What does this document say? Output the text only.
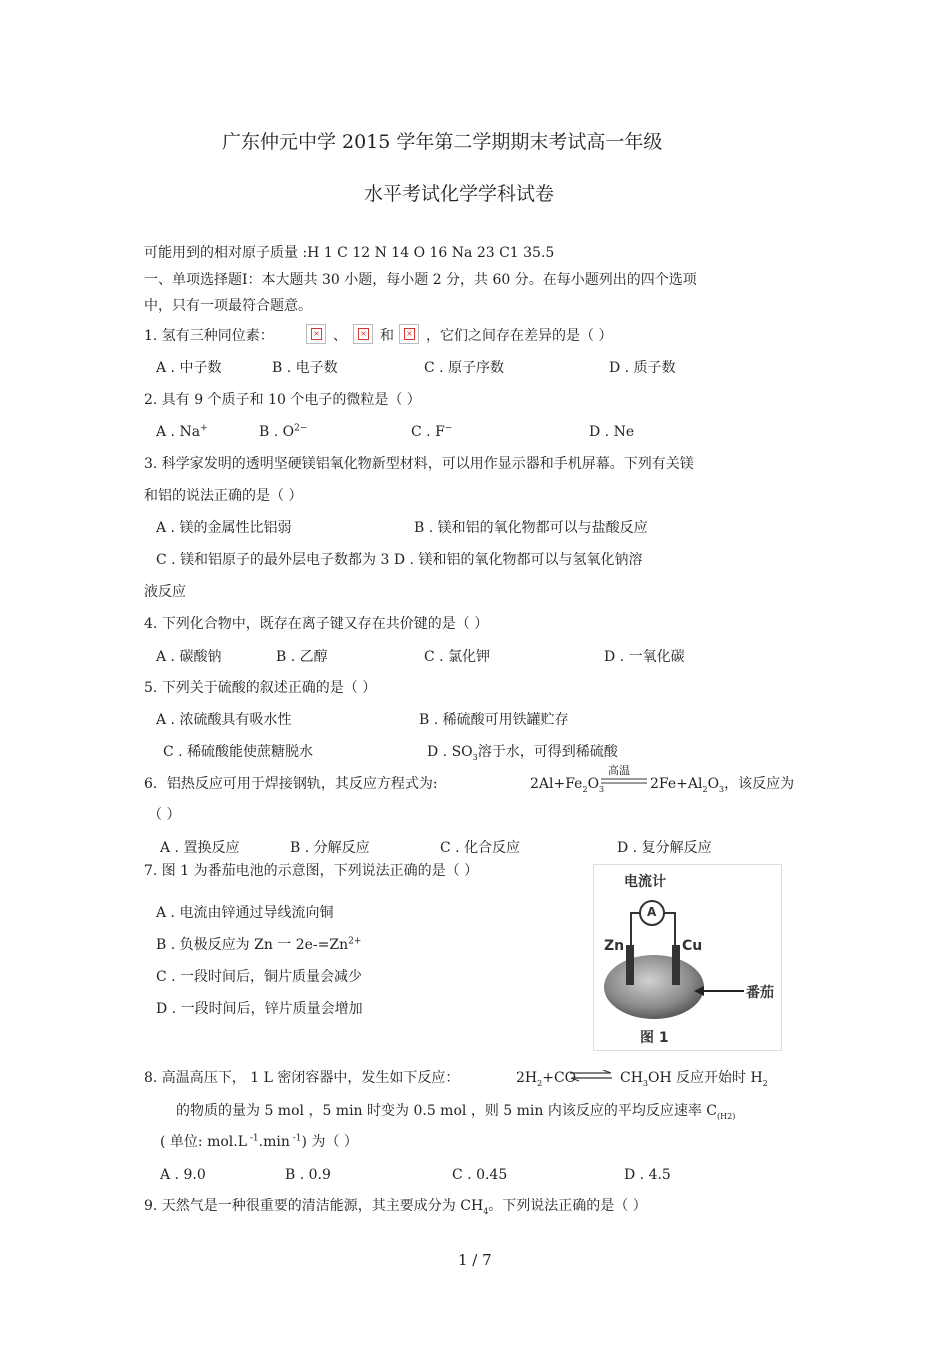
广东仲元中学 2015 学年第二学期期末考试高一年级
水平考试化学学科试卷
可能用到的相对原子质量 :H 1 C 12 N 14 O 16 Na 23 C1 35.5
一、单项选择题Ⅰ：本大题共 30 小题，每小题 2 分，共 60 分。在每小题列出的四个选项
中，只有一项最符合题意。
1. 氢有三种同位素：	× 、 × 和 × ，它们之间存在差异的是（ ）
A . 中子数	B . 电子数	C . 原子序数	D . 质子数
2. 具有 9 个质子和 10 个电子的微粒是（ ）
A . Na+	B . $O^{2-}$	C . F−	D . Ne
3. 科学家发明的透明坚硬镁铝氧化物新型材料，可以用作显示器和手机屏幕。下列有关镁
和铝的说法正确的是（ ）
A . 镁的金属性比铝弱	B . 镁和铝的氧化物都可以与盐酸反应
C . 镁和铝原子的最外层电子数都为 3 D . 镁和铝的氧化物都可以与氢氧化钠溶
液反应
4. 下列化合物中，既存在离子键又存在共价键的是（ ）
A . 碳酸钠	B . 乙醇	C . 氯化钾	D . 一氧化碳
5. 下列关于硫酸的叙述正确的是（ ）
A . 浓硫酸具有吸水性	B . 稀硫酸可用铁罐贮存
C . 稀硫酸能使蔗糖脱水	D . $SO_3$溶于水，可得到稀硫酸
6．铝热反应可用于焊接钢轨，其反应方程式为:	$2Al+Fe_2O_3$
高温
$2Fe+Al_2O_3$，该反应为
（ ）
A . 置换反应	B . 分解反应	C . 化合反应	D . 复分解反应
7. 图 1 为番茄电池的示意图，下列说法正确的是（ ）
A . 电流由锌通过导线流向铜
B . 负极反应为 Zn 一 $2e-=Zn^{2+}$
C . 一段时间后，铜片质量会减少
D . 一段时间后，锌片质量会增加
电流计
A
Zn	Cu
番茄
图 1
8. 高温高压下， 1 L 密闭容器中，发生如下反应：	$2H_2+CO$ ⇌ $CH_3OH$ 反应开始时 $H_2$
的物质的量为 5 mol ，5 min 时变为 0.5 mol ，则 5 min 内该反应的平均反应速率 $C_{(H2)}$
( 单位: mol.L $^{-1}$.min $^{-1}$) 为（ ）
A . 9.0	B . 0.9	C . 0.45	D . 4.5
9. 天然气是一种很重要的清洁能源，其主要成分为 $CH_4$。下列说法正确的是（ ）
1 / 7
